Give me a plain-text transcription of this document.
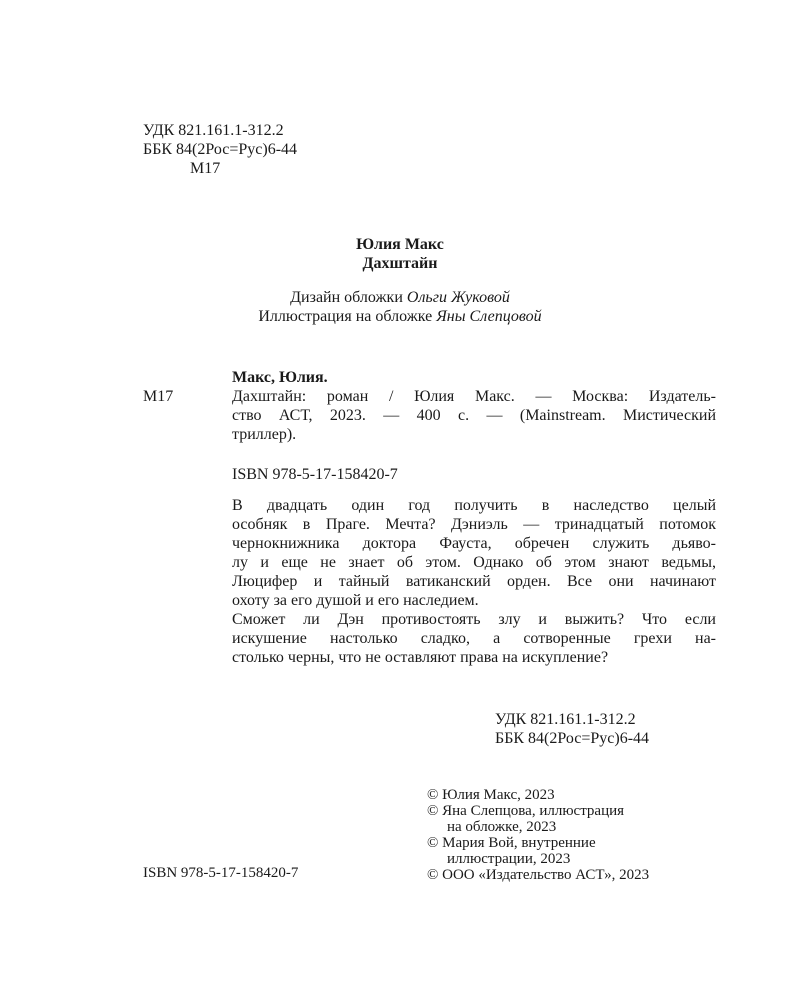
УДК 821.161.1-312.2
ББК 84(2Рос=Рус)6-44
М17
Юлия Макс
Дахштайн
Дизайн обложки Ольги Жуковой
Иллюстрация на обложке Яны Слепцовой
М17
Макс, Юлия.
Дахштайн: роман / Юлия Макс. — Москва: Издатель-
ство АСТ, 2023. — 400 с. — (Mainstream. Мистический
триллер).
ISBN 978-5-17-158420-7
В двадцать один год получить в наследство целый
особняк в Праге. Мечта? Дэниэль — тринадцатый потомок
чернокнижника доктора Фауста, обречен служить дьяво-
лу и еще не знает об этом. Однако об этом знают ведьмы,
Люцифер и тайный ватиканский орден. Все они начинают
охоту за его душой и его наследием.
Сможет ли Дэн противостоять злу и выжить? Что если
искушение настолько сладко, а сотворенные грехи на-
столько черны, что не оставляют права на искупление?
УДК 821.161.1-312.2
ББК 84(2Рос=Рус)6-44
© Юлия Макс, 2023
© Яна Слепцова, иллюстрация
на обложке, 2023
© Мария Вой, внутренние
иллюстрации, 2023
© ООО «Издательство АСТ», 2023
ISBN 978-5-17-158420-7
